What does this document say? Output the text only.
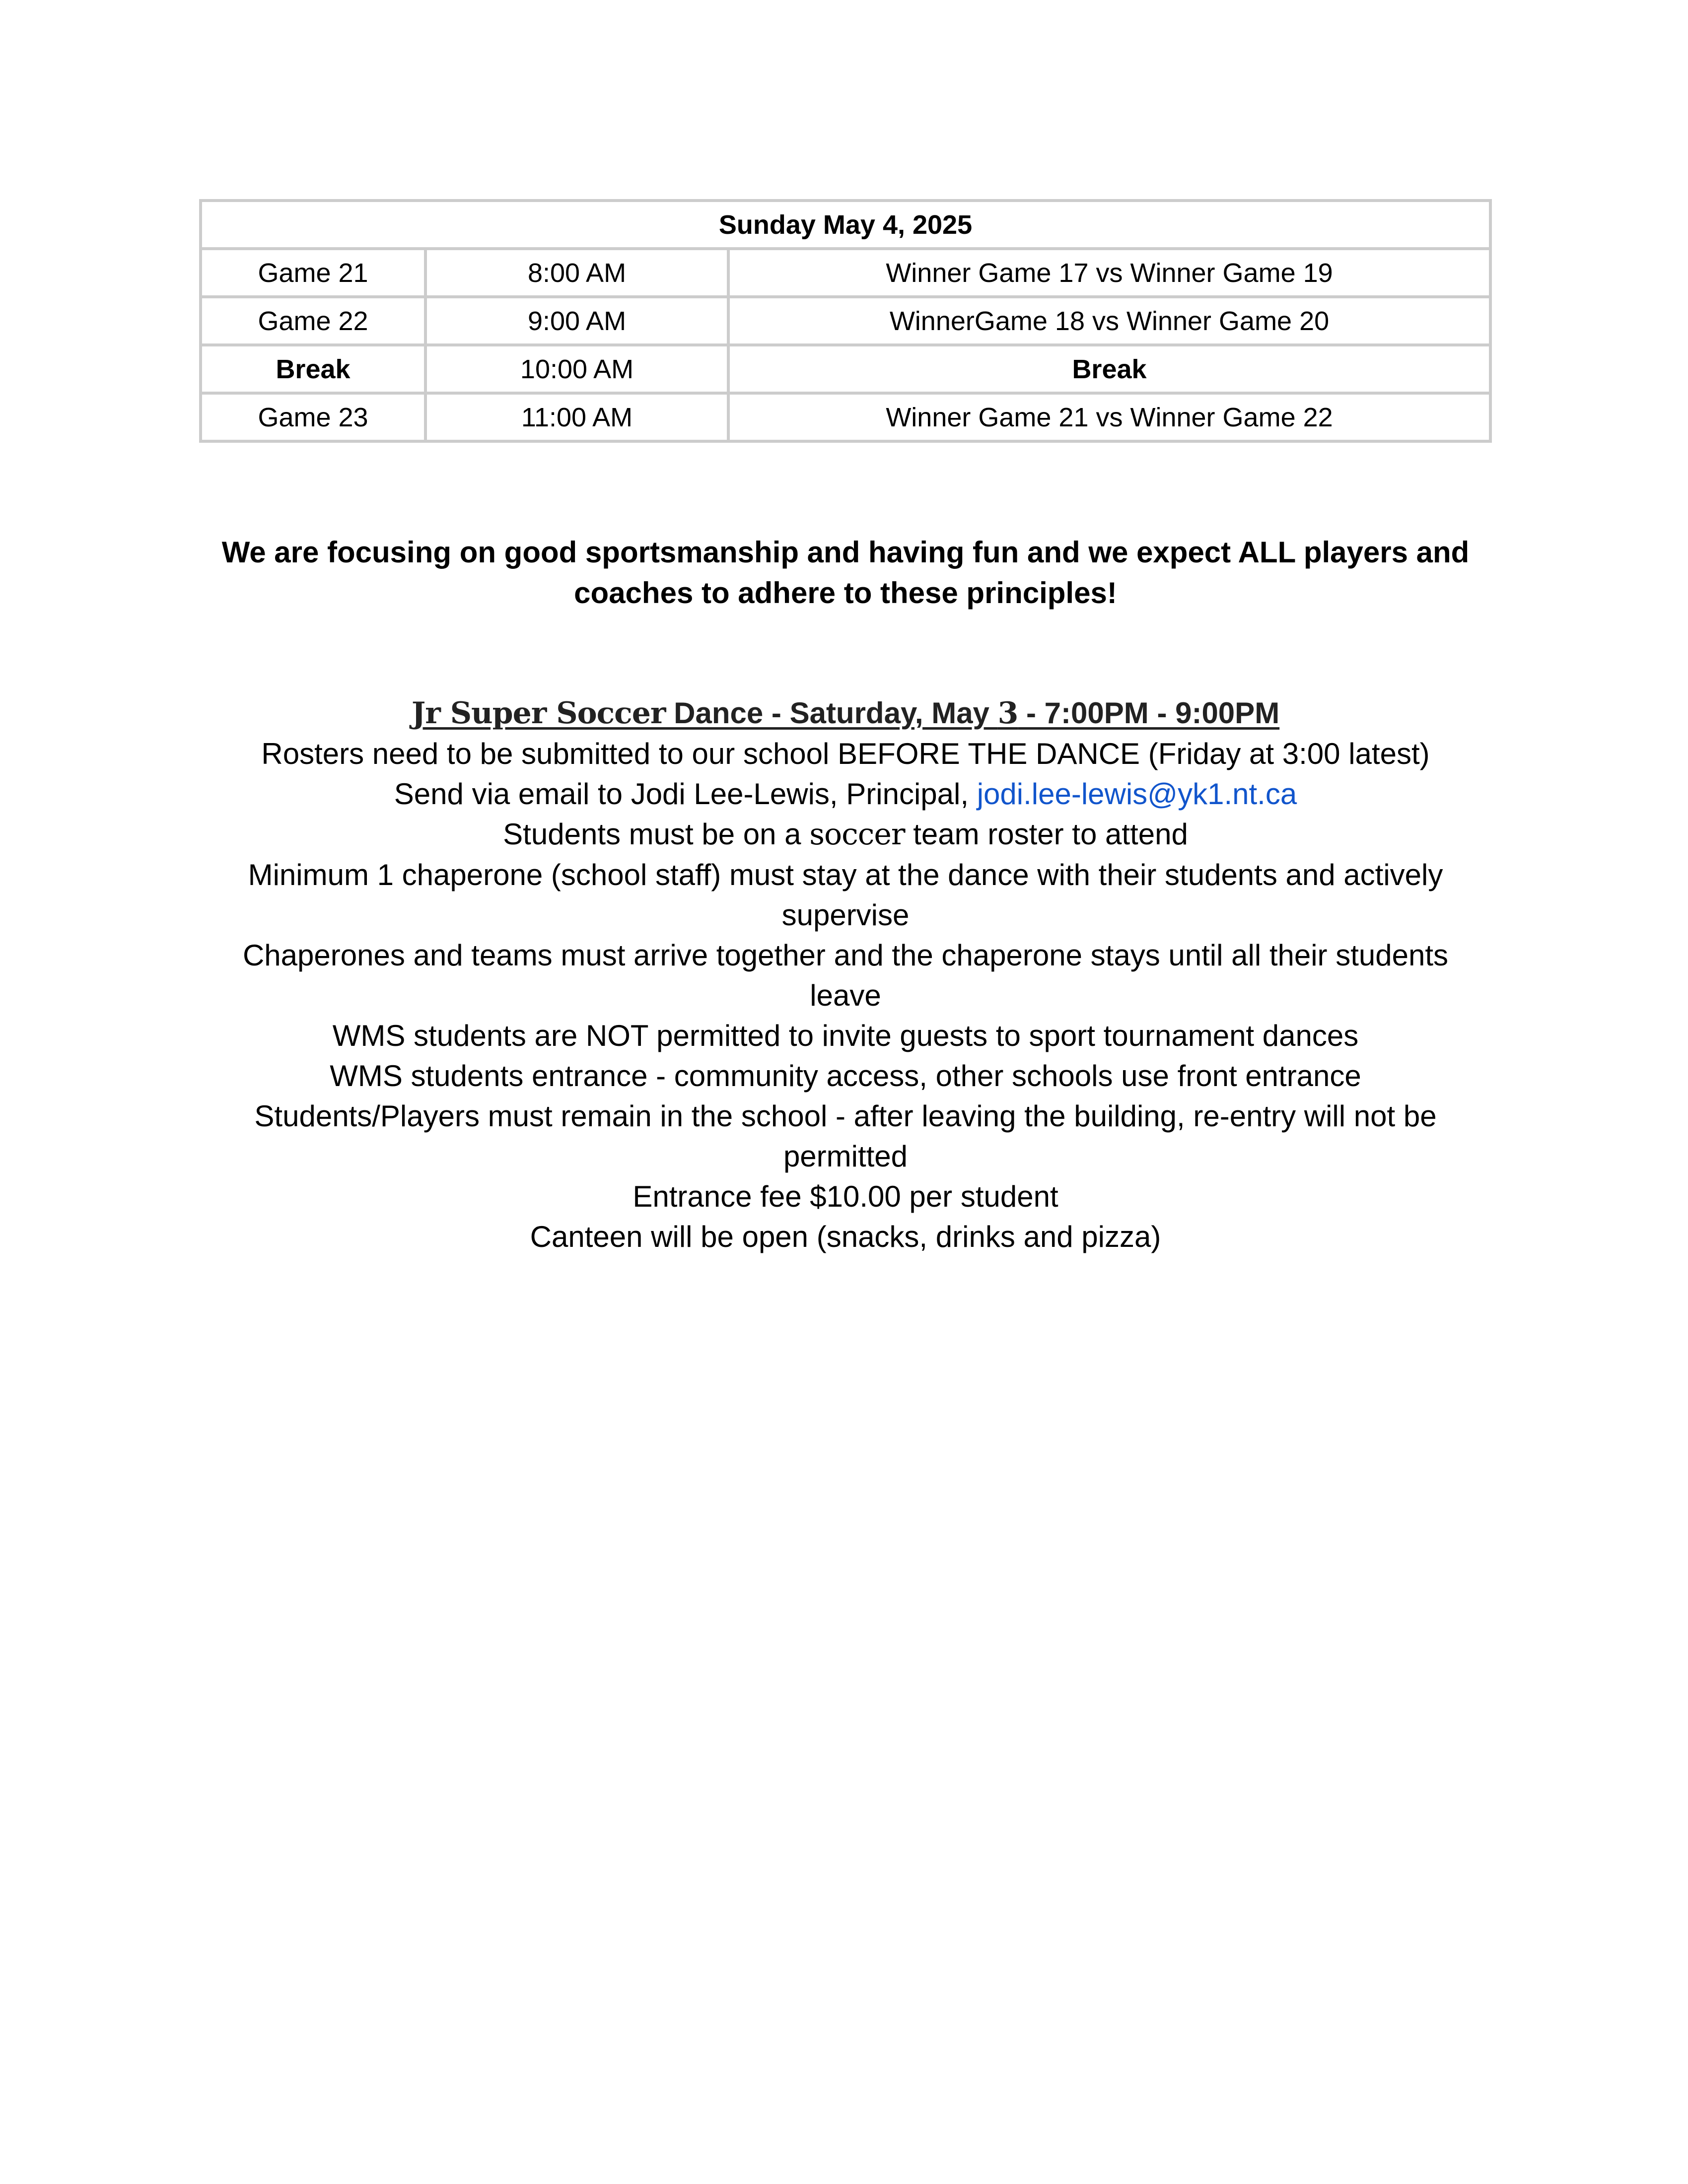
Sunday May 4, 2025		
Game 21	8:00 AM	Winner Game 17 vs Winner Game 19
Game 22	9:00 AM	WinnerGame 18 vs Winner Game 20
Break	10:00 AM	Break
Game 23	11:00 AM	Winner Game 21 vs Winner Game 22
We are focusing on good sportsmanship and having fun and we expect ALL players and coaches to adhere to these principles!

Jr Super Soccer Dance - Saturday, May 3 - 7:00PM - 9:00PM

Rosters need to be submitted to our school BEFORE THE DANCE (Friday at 3:00 latest)

Send via email to Jodi Lee-Lewis, Principal, jodi.lee-lewis@yk1.nt.ca

Students must be on a soccer team roster to attend

Minimum 1 chaperone (school staff) must stay at the dance with their students and actively supervise

Chaperones and teams must arrive together and the chaperone stays until all their students leave

WMS students are NOT permitted to invite guests to sport tournament dances

WMS students entrance - community access, other schools use front entrance

Students/Players must remain in the school - after leaving the building, re-entry will not be permitted

Entrance fee $10.00 per student

Canteen will be open (snacks, drinks and pizza)
